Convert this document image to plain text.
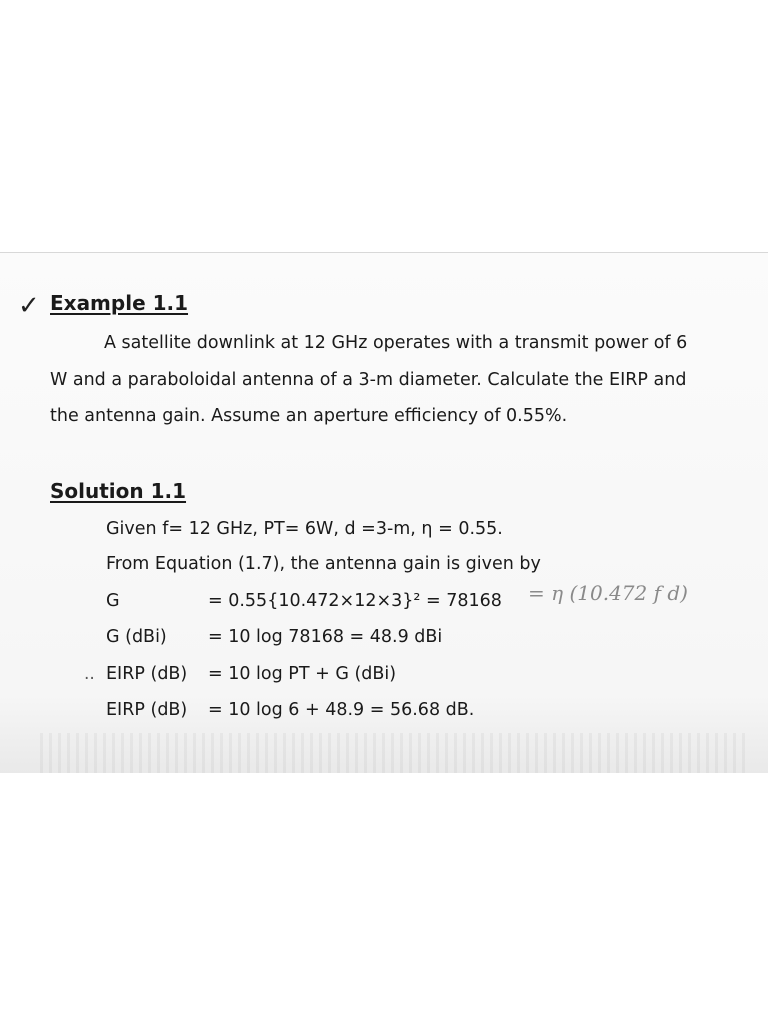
✓ Example 1.1
A satellite downlink at 12 GHz operates with a transmit power of 6
W and a paraboloidal antenna of a 3-m diameter. Calculate the EIRP and
the antenna gain. Assume an aperture efficiency of 0.55%.
Solution 1.1
Given f= 12 GHz, PT= 6W, d =3-m, η = 0.55.
From Equation (1.7), the antenna gain is given by
G	= 0.55{10.472×12×3}² = 78168 = η (10.472 f d)
G (dBi) = 10 log 78168 = 48.9 dBi
.. EIRP (dB) = 10 log PT + G (dBi)
EIRP (dB) = 10 log 6 + 48.9 = 56.68 dB.
